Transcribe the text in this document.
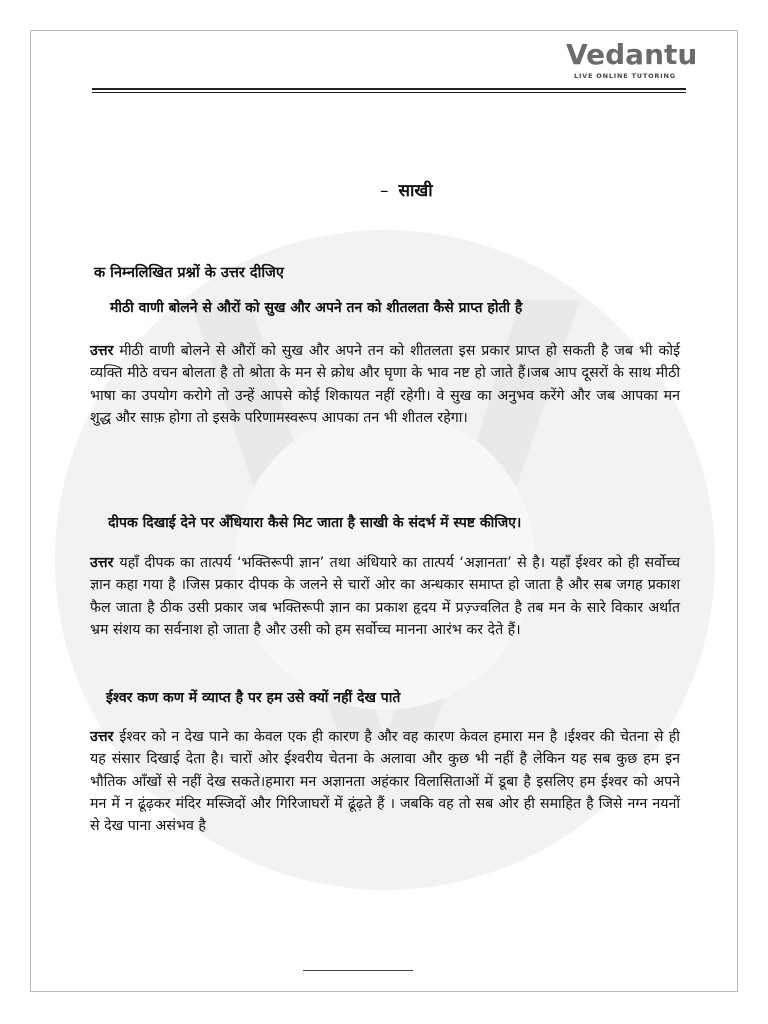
Vedantu
LIVE ONLINE TUTORING
– साखी
क निम्नलिखित प्रश्नों के उत्तर दीजिए
मीठी वाणी बोलने से औरों को सुख और अपने तन को शीतलता कैसे प्राप्त होती है

उत्तर मीठी वाणी बोलने से औरों को सुख और अपने तन को शीतलता इस प्रकार प्राप्त हो सकती है जब भी कोई व्यक्ति मीठे वचन बोलता है तो श्रोता के मन से क्रोध और घृणा के भाव नष्ट हो जाते हैं।जब आप दूसरों के साथ मीठी भाषा का उपयोग करोगे तो उन्हें आपसे कोई शिकायत नहीं रहेगी। वे सुख का अनुभव करेंगे और जब आपका मन शुद्ध और साफ़ होगा तो इसके परिणामस्वरूप आपका तन भी शीतल रहेगा।

दीपक दिखाई देने पर अँधियारा कैसे मिट जाता है साखी के संदर्भ में स्पष्ट कीजिए।

उत्तर यहाँ दीपक का तात्पर्य ‘भक्तिरूपी ज्ञान’ तथा अंधियारे का तात्पर्य ‘अज्ञानता’ से है। यहाँ ईश्वर को ही सर्वोच्च ज्ञान कहा गया है ।जिस प्रकार दीपक के जलने से चारों ओर का अन्धकार समाप्त हो जाता है और सब जगह प्रकाश फैल जाता है ठीक उसी प्रकार जब भक्तिरूपी ज्ञान का प्रकाश हृदय में प्रज़्ज्वलित है तब मन के सारे विकार अर्थात भ्रम संशय का सर्वनाश हो जाता है और उसी को हम सर्वोच्च मानना आरंभ कर देते हैं।

ईश्वर कण कण में व्याप्त है पर हम उसे क्यों नहीं देख पाते

उत्तर ईश्वर को न देख पाने का केवल एक ही कारण है और वह कारण केवल हमारा मन है ।ईश्वर की चेतना से ही यह संसार दिखाई देता है। चारों ओर ईश्वरीय चेतना के अलावा और कुछ भी नहीं है लेकिन यह सब कुछ हम इन भौतिक आँखों से नहीं देख सकते।हमारा मन अज्ञानता अहंकार विलासिताओं में डूबा है इसलिए हम ईश्वर को अपने मन में न ढूंढ़कर मंदिर मस्जिदों और गिरिजाघरों में ढूंढ़ते हैं । जबकि वह तो सब ओर ही समाहित है जिसे नग्न नयनों से देख पाना असंभव है
